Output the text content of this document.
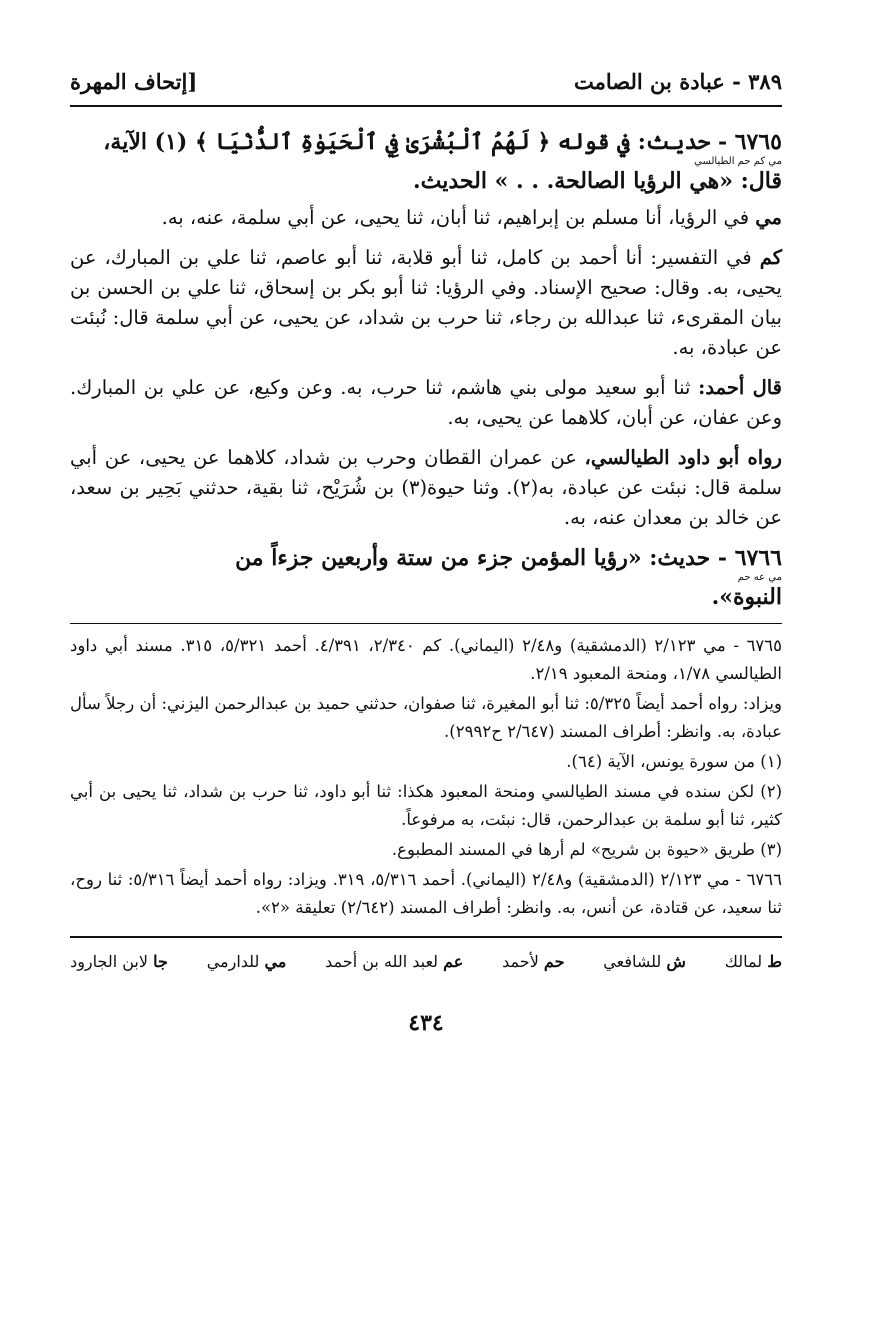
٣٨٩ - عبادة بن الصامت
[إتحاف المهرة
٦٧٦٥ - حديث: في قوله ﴿ لَهُمُ ٱلْبُشْرَىٰ فِي ٱلْحَيَوٰةِ ٱلدُّنْيَا ﴾ (١) الآية،
مي كم حم الطيالسي
قال: «هي الرؤيا الصالحة. . . » الحديث.

مي في الرؤيا، أنا مسلم بن إبراهيم، ثنا أبان، ثنا يحيى، عن أبي سلمة، عنه، به.

كم في التفسير: أنا أحمد بن كامل، ثنا أبو قلابة، ثنا أبو عاصم، ثنا علي بن المبارك، عن يحيى، به. وقال: صحيح الإسناد. وفي الرؤيا: ثنا أبو بكر بن إسحاق، ثنا علي بن الحسن بن بيان المقرىء، ثنا عبدالله بن رجاء، ثنا حرب بن شداد، عن يحيى، عن أبي سلمة قال: نُبئت عن عبادة، به.

قال أحمد: ثنا أبو سعيد مولى بني هاشم، ثنا حرب، به. وعن وكيع، عن علي بن المبارك. وعن عفان، عن أبان، كلاهما عن يحيى، به.

رواه أبو داود الطيالسي، عن عمران القطان وحرب بن شداد، كلاهما عن يحيى، عن أبي سلمة قال: نبئت عن عبادة، به(٢). وثنا حيوة(٣) بن شُرَيْح، ثنا بقية، حدثني بَحِير بن سعد، عن خالد بن معدان عنه، به.

٦٧٦٦ - حديث: «رؤيا المؤمن جزء من ستة وأربعين جزءاً من
مي عه حم
النبوة».

٦٧٦٥ - مي ٢/١٢٣ (الدمشقية) و٢/٤٨ (اليماني). كم ٢/٣٤٠، ٤/٣٩١. أحمد ٥/٣٢١، ٣١٥. مسند أبي داود الطيالسي ١/٧٨، ومنحة المعبود ٢/١٩.

ويزاد: رواه أحمد أيضاً ٥/٣٢٥: ثنا أبو المغيرة، ثنا صفوان، حدثني حميد بن عبدالرحمن اليزني: أن رجلاً سأل عبادة، به. وانظر: أطراف المسند (٢/٦٤٧ ح٢٩٩٢).

(١) من سورة يونس، الآية (٦٤).

(٢) لكن سنده في مسند الطيالسي ومنحة المعبود هكذا: ثنا أبو داود، ثنا حرب بن شداد، ثنا يحيى بن أبي كثير، ثنا أبو سلمة بن عبدالرحمن، قال: نبئت، به مرفوعاً.

(٣) طريق «حيوة بن شريح» لم أرها في المسند المطبوع.

٦٧٦٦ - مي ٢/١٢٣ (الدمشقية) و٢/٤٨ (اليماني). أحمد ٥/٣١٦، ٣١٩. ويزاد: رواه أحمد أيضاً ٥/٣١٦: ثنا روح، ثنا سعيد، عن قتادة، عن أنس، به. وانظر: أطراف المسند (٢/٦٤٢) تعليقة «٢».

ط لمالك
ش للشافعي
حم لأحمد
عم لعبد الله بن أحمد
مي للدارمي
جا لابن الجارود
٤٣٤
